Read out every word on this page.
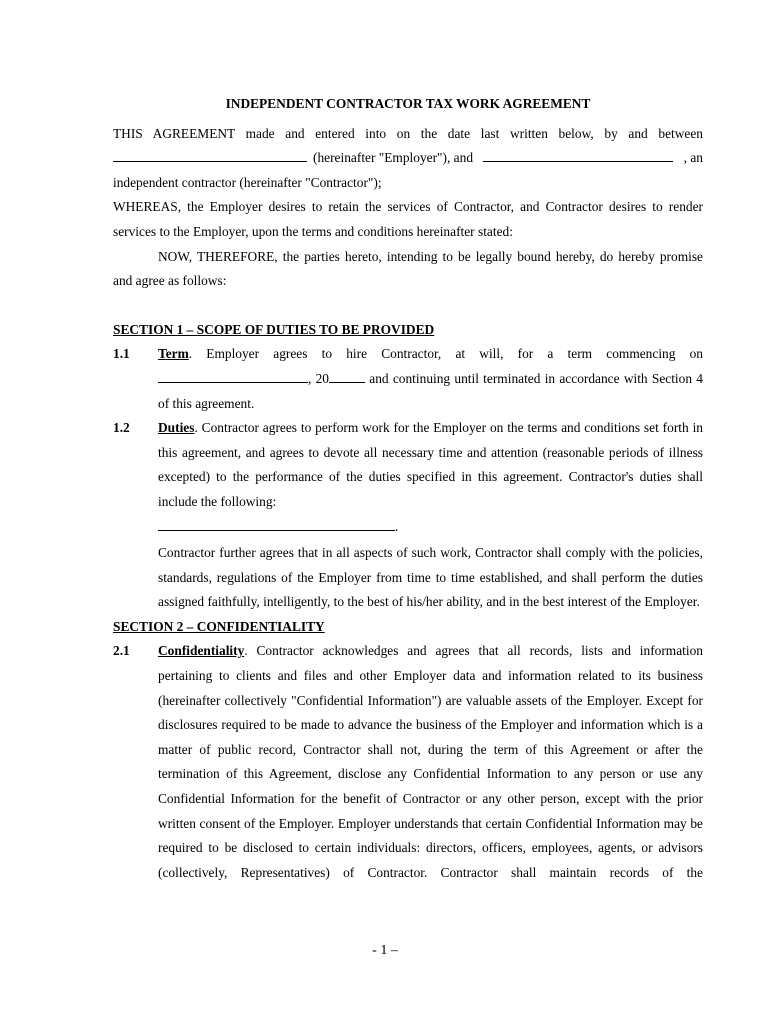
INDEPENDENT CONTRACTOR TAX WORK AGREEMENT
THIS AGREEMENT made and entered into on the date last written below, by and between
(hereinafter "Employer"), and	, an
independent contractor (hereinafter "Contractor");
WHEREAS, the Employer desires to retain the services of Contractor, and Contractor desires to render services to the Employer, upon the terms and conditions hereinafter stated:
NOW, THEREFORE, the parties hereto, intending to be legally bound hereby, do hereby promise and agree as follows:
SECTION 1 – SCOPE OF DUTIES TO BE PROVIDED
1.1	Term. Employer agrees to hire Contractor, at will, for a term commencing on
, 20	and continuing until terminated in accordance with Section 4 of this agreement.
1.2	Duties. Contractor agrees to perform work for the Employer on the terms and conditions set forth in this agreement, and agrees to devote all necessary time and attention (reasonable periods of illness excepted) to the performance of the duties specified in this agreement. Contractor's duties shall include the following:
.
Contractor further agrees that in all aspects of such work, Contractor shall comply with the policies, standards, regulations of the Employer from time to time established, and shall perform the duties assigned faithfully, intelligently, to the best of his/her ability, and in the best interest of the Employer.
SECTION 2 – CONFIDENTIALITY
2.1	Confidentiality. Contractor acknowledges and agrees that all records, lists and information pertaining to clients and files and other Employer data and information related to its business (hereinafter collectively "Confidential Information") are valuable assets of the Employer. Except for disclosures required to be made to advance the business of the Employer and information which is a matter of public record, Contractor shall not, during the term of this Agreement or after the termination of this Agreement, disclose any Confidential Information to any person or use any Confidential Information for the benefit of Contractor or any other person, except with the prior written consent of the Employer. Employer understands that certain Confidential Information may be required to be disclosed to certain individuals: directors, officers, employees, agents, or advisors (collectively, Representatives) of Contractor. Contractor shall maintain records of the
- 1 –
